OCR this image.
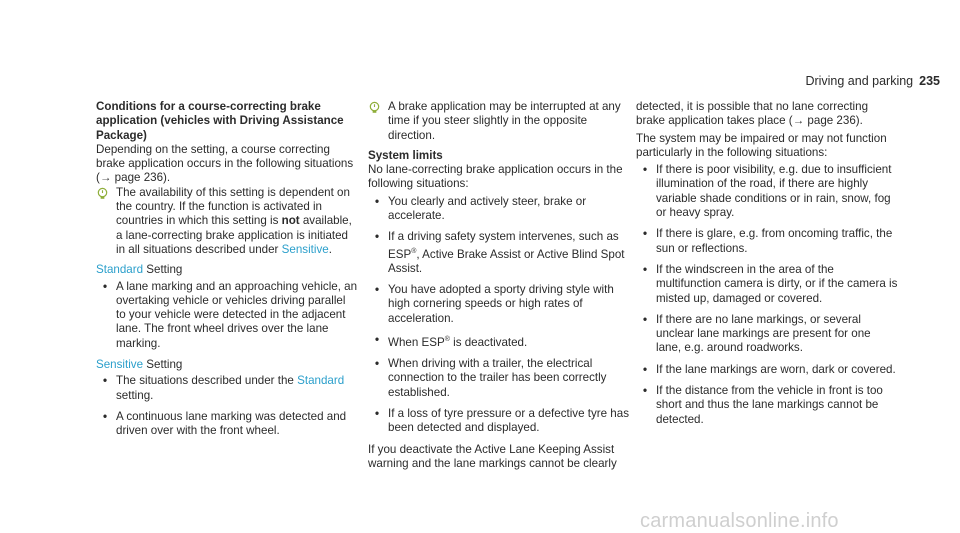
Driving and parking 235

Conditions for a course-correcting brake application (vehicles with Driving Assistance Package)

Depending on the setting, a course correcting brake application occurs in the following situations (→ page 236).

The availability of this setting is dependent on the country. If the function is activated in countries in which this setting is not available, a lane-correcting brake application is initiated in all situations described under Sensitive.

Standard Setting

• A lane marking and an approaching vehicle, an overtaking vehicle or vehicles driving parallel to your vehicle were detected in the adjacent lane. The front wheel drives over the lane marking.

Sensitive Setting

• The situations described under the Standard setting.
• A continuous lane marking was detected and driven over with the front wheel.
A brake application may be interrupted at any time if you steer slightly in the opposite direction.

System limits

No lane-correcting brake application occurs in the following situations:

• You clearly and actively steer, brake or accelerate.
• If a driving safety system intervenes, such as ESP®, Active Brake Assist or Active Blind Spot Assist.
• You have adopted a sporty driving style with high cornering speeds or high rates of acceleration.
• When ESP® is deactivated.
• When driving with a trailer, the electrical connection to the trailer has been correctly established.
• If a loss of tyre pressure or a defective tyre has been detected and displayed.

If you deactivate the Active Lane Keeping Assist warning and the lane markings cannot be clearly

detected, it is possible that no lane correcting brake application takes place (→ page 236).

The system may be impaired or may not function particularly in the following situations:

• If there is poor visibility, e.g. due to insufficient illumination of the road, if there are highly variable shade conditions or in rain, snow, fog or heavy spray.
• If there is glare, e.g. from oncoming traffic, the sun or reflections.
• If the windscreen in the area of the multifunction camera is dirty, or if the camera is misted up, damaged or covered.
• If there are no lane markings, or several unclear lane markings are present for one lane, e.g. around roadworks.
• If the lane markings are worn, dark or covered.
• If the distance from the vehicle in front is too short and thus the lane markings cannot be detected.
carmanualsonline.info
